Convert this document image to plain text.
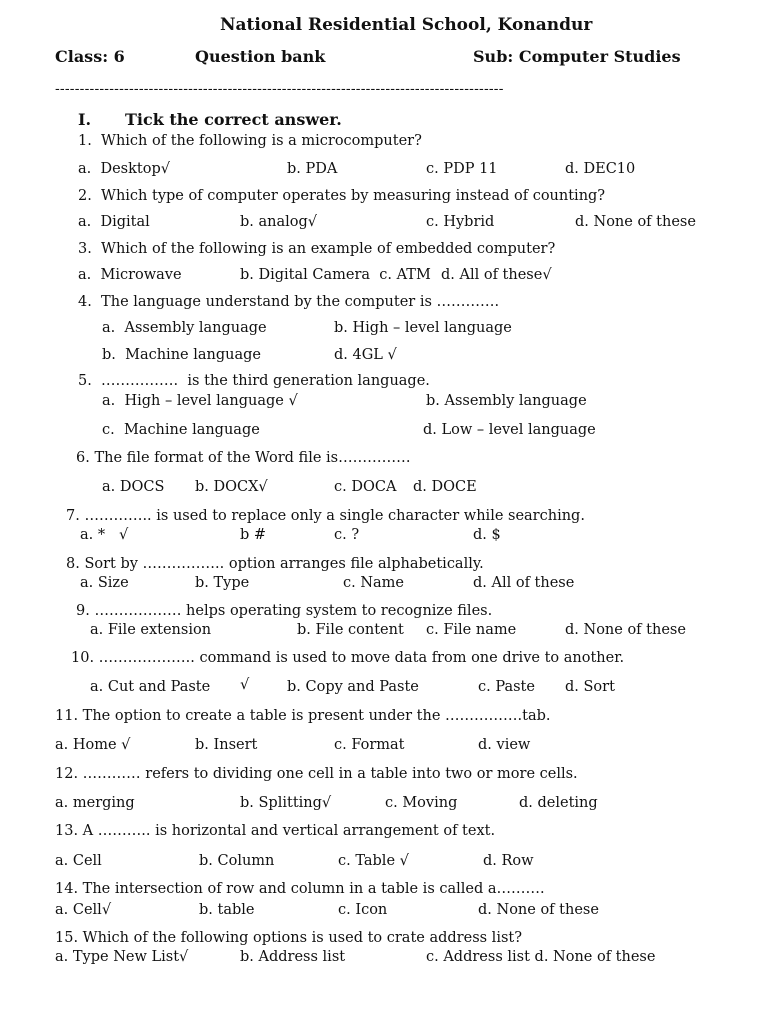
National Residential School, Konandur
Class: 6	Question bank	Sub: Computer Studies
-------------------------------------------------------------------------------------------
I. Tick the correct answer.
1.  Which of the following is a microcomputer?
a.  Desktop√	b. PDA	c. PDP 11	d. DEC10
2.  Which type of computer operates by measuring instead of counting?
a.  Digital	b. analog√	c. Hybrid	d. None of these
3.  Which of the following is an example of embedded computer?
a.  Microwave	b. Digital Camera  c. ATM d. All of these√
4.  The language understand by the computer is ………….
a.  Assembly language	b. High – level language
b.  Machine language	d. 4GL √
5.  …………….  is the third generation language.
a.  High – level language √	b. Assembly language
c.  Machine language	d. Low – level language
6. The file format of the Word file is……………
a. DOCS b. DOCX√	c. DOCA d. DOCE
7. ………….. is used to replace only a single character while searching.
a. *   √	b #	c. ?	d. $
8. Sort by …………….. option arranges file alphabetically.
a. Size	b. Type	c. Name	d. All of these
9. ……………… helps operating system to recognize files.
a. File extension	b. File content c. File name	d. None of these
10. ……………….. command is used to move data from one drive to another.
a. Cut and Paste √	b. Copy and Paste	c. Paste d. Sort
11. The option to create a table is present under the …………….tab.
a. Home √	b. Insert	c. Format	d. view
12. ………… refers to dividing one cell in a table into two or more cells.
a. merging	b. Splitting√	c. Moving	d. deleting
13. A ……….. is horizontal and vertical arrangement of text.
a. Cell	b. Column	c. Table √	d. Row
14. The intersection of row and column in a table is called a……….
a. Cell√	b. table	c. Icon	d. None of these
15. Which of the following options is used to crate address list?
a. Type New List√	b. Address list	c. Address list d. None of these
